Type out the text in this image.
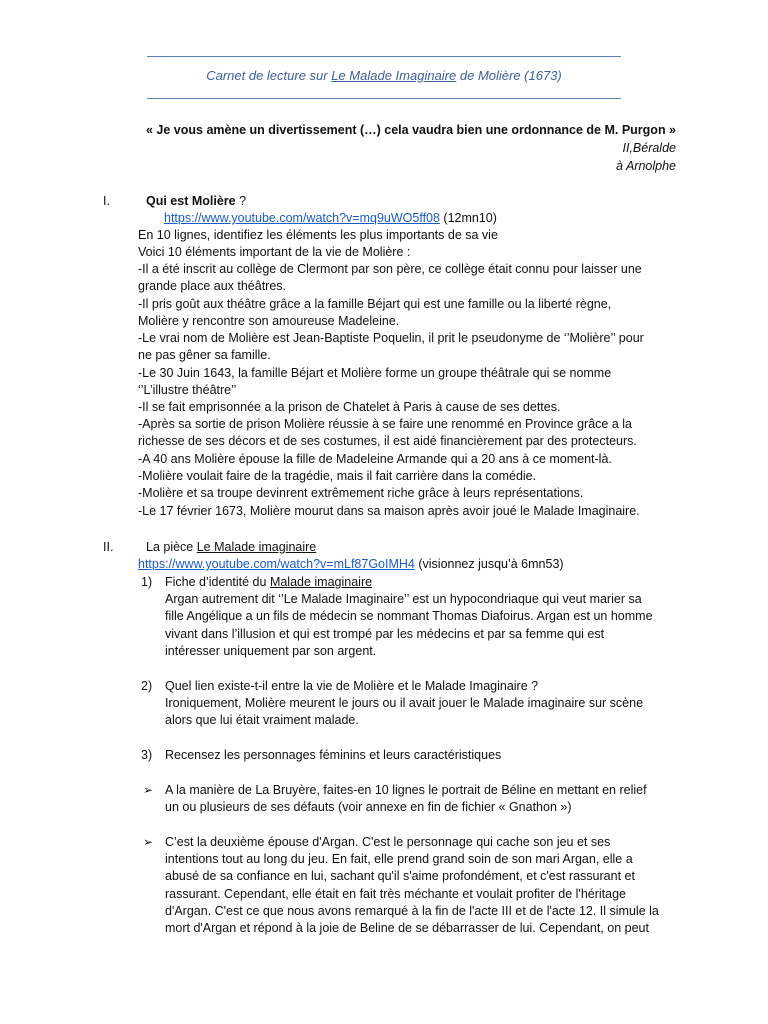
Carnet de lecture sur Le Malade Imaginaire de Molière (1673)
« Je vous amène un divertissement (…) cela vaudra bien une ordonnance de M. Purgon » II,Béralde
à Arnolphe
I.	Qui est Molière ?
https://www.youtube.com/watch?v=mq9uWO5ff08 (12mn10)
En 10 lignes, identifiez les éléments les plus importants de sa vie
Voici 10 éléments important de la vie de Molière :
-Il a été inscrit au collège de Clermont par son père, ce collège était connu pour laisser une
grande place aux théâtres.
-Il pris goût aux théâtre grâce a la famille Béjart qui est une famille ou la liberté règne,
Molière y rencontre son amoureuse Madeleine.
-Le vrai nom de Molière est Jean-Baptiste Poquelin, il prit le pseudonyme de ‘’Molière’’ pour
ne pas gêner sa famille.
-Le 30 Juin 1643, la famille Béjart et Molière forme un groupe théâtrale qui se nomme
‘’L’illustre théâtre’’
-Il se fait emprisonnée a la prison de Chatelet à Paris à cause de ses dettes.
-Après sa sortie de prison Molière réussie à se faire une renommé en Province grâce a la
richesse de ses décors et de ses costumes, il est aidé financièrement par des protecteurs.
-A 40 ans Molière épouse la fille de Madeleine Armande qui a 20 ans à ce moment-là.
-Molière voulait faire de la tragédie, mais il fait carrière dans la comédie.
-Molière et sa troupe devinrent extrêmement riche grâce à leurs représentations.
-Le 17 février 1673, Molière mourut dans sa maison après avoir joué le Malade Imaginaire.
II.	La pièce Le Malade imaginaire
https://www.youtube.com/watch?v=mLf87GoIMH4 (visionnez jusqu’à 6mn53)
1) Fiche d’identité du Malade imaginaire
Argan autrement dit ‘’Le Malade Imaginaire’’ est un hypocondriaque qui veut marier sa
fille Angélique a un fils de médecin se nommant Thomas Diafoirus. Argan est un homme
vivant dans l’illusion et qui est trompé par les médecins et par sa femme qui est
intéresser uniquement par son argent.
2) Quel lien existe-t-il entre la vie de Molière et le Malade Imaginaire ?
Ironiquement, Molière meurent le jours ou il avait jouer le Malade imaginaire sur scène
alors que lui était vraiment malade.
3) Recensez les personnages féminins et leurs caractéristiques
➢ A la manière de La Bruyère, faites-en 10 lignes le portrait de Béline en mettant en relief
un ou plusieurs de ses défauts (voir annexe en fin de fichier « Gnathon »)
➢ C’est la deuxième épouse d'Argan. C'est le personnage qui cache son jeu et ses
intentions tout au long du jeu. En fait, elle prend grand soin de son mari Argan, elle a
abusé de sa confiance en lui, sachant qu'il s'aime profondément, et c'est rassurant et
rassurant. Cependant, elle était en fait très méchante et voulait profiter de l'héritage
d'Argan. C'est ce que nous avons remarqué à la fin de l'acte III et de l'acte 12. Il simule la
mort d'Argan et répond à la joie de Beline de se débarrasser de lui. Cependant, on peut
